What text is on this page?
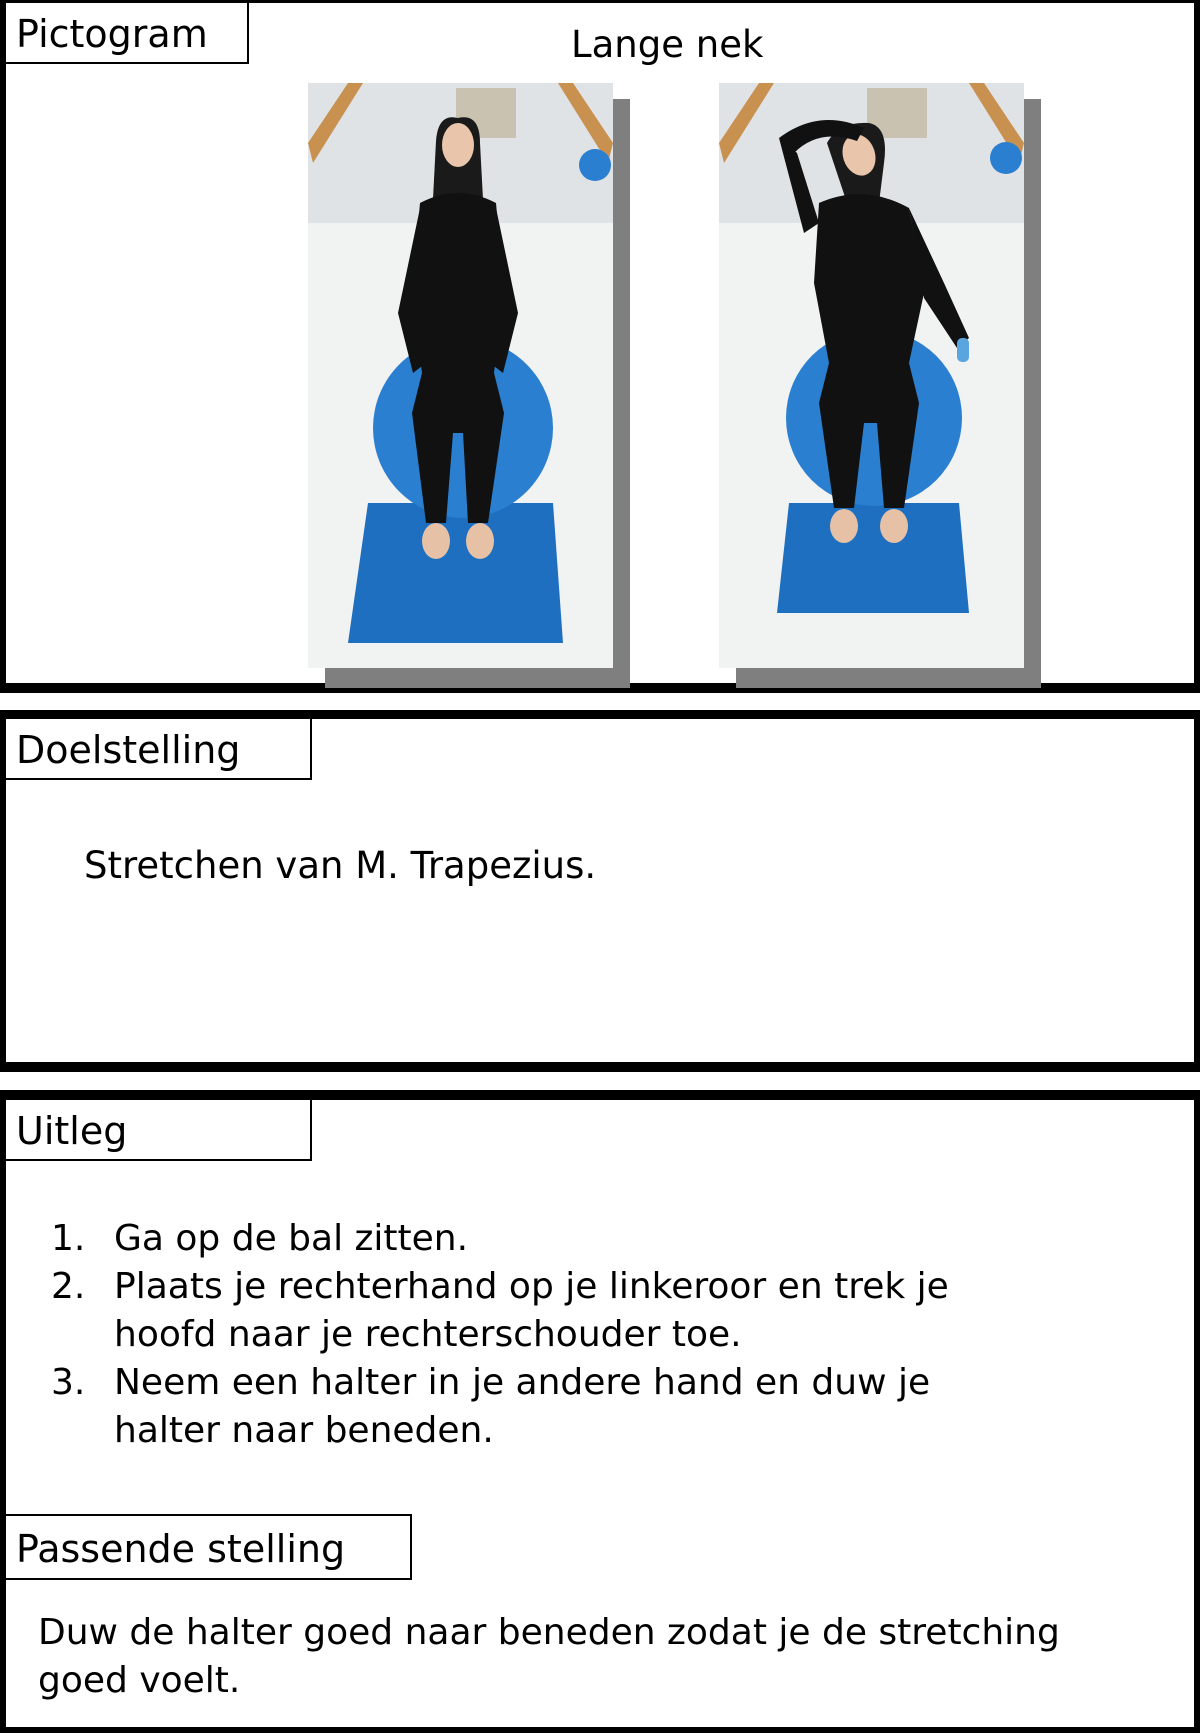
Pictogram	Lange nek
Doelstelling
Stretchen van M. Trapezius.
Uitleg
1. Ga op de bal zitten.
2. Plaats je rechterhand op je linkeroor en trek je hoofd naar je rechterschouder toe.
3. Neem een halter in je andere hand en duw je halter naar beneden.
Passende stelling
Duw de halter goed naar beneden zodat je de stretching goed voelt.
